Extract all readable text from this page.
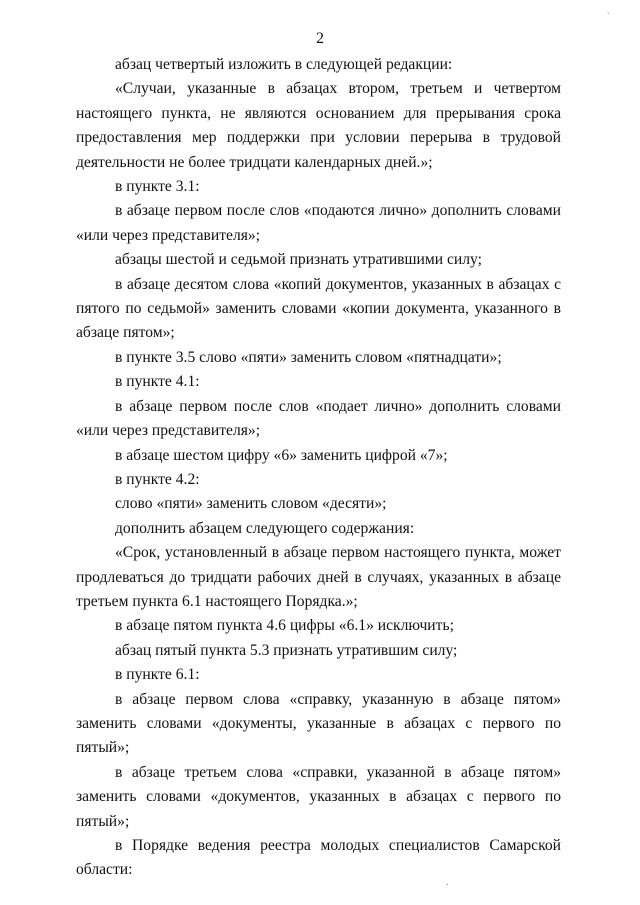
2
`
.

абзац четвертый изложить в следующей редакции:

«Случаи, указанные в абзацах втором, третьем и четвертом настоящего пункта, не являются основанием для прерывания срока предоставления мер поддержки при условии перерыва в трудовой деятельности не более тридцати календарных дней.»;

в пункте 3.1:

в абзаце первом после слов «подаются лично» дополнить словами «или через представителя»;

абзацы шестой и седьмой признать утратившими силу;

в абзаце десятом слова «копий документов, указанных в абзацах с пятого по седьмой» заменить словами «копии документа, указанного в абзаце пятом»;

в пункте 3.5 слово «пяти» заменить словом «пятнадцати»;

в пункте 4.1:

в абзаце первом после слов «подает лично» дополнить словами «или через представителя»;

в абзаце шестом цифру «6» заменить цифрой «7»;

в пункте 4.2:

слово «пяти» заменить словом «десяти»;

дополнить абзацем следующего содержания:

«Срок, установленный в абзаце первом настоящего пункта, может продлеваться до тридцати рабочих дней в случаях, указанных в абзаце третьем пункта 6.1 настоящего Порядка.»;

в абзаце пятом пункта 4.6 цифры «6.1» исключить;

абзац пятый пункта 5.3 признать утратившим силу;

в пункте 6.1:

в абзаце первом слова «справку, указанную в абзаце пятом» заменить словами «документы, указанные в абзацах с первого по пятый»;

в абзаце третьем слова «справки, указанной в абзаце пятом» заменить словами «документов, указанных в абзацах с первого по пятый»;

в Порядке ведения реестра молодых специалистов Самарской области:
